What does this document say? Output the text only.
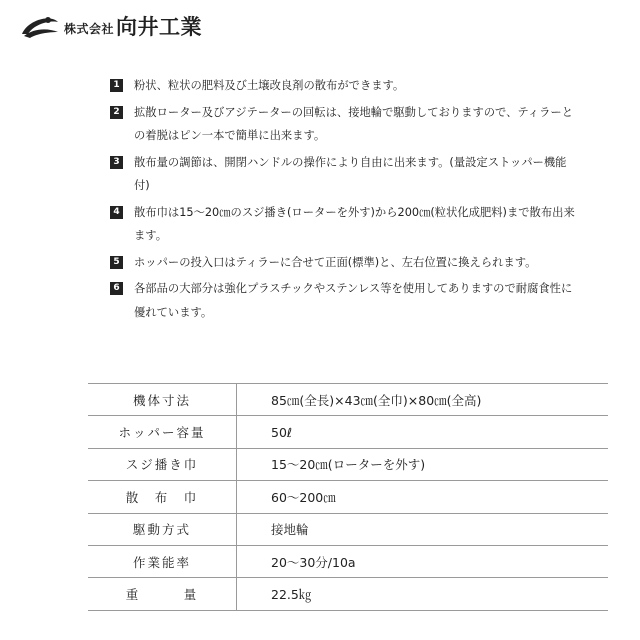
株式会社 向井工業
1 粉状、粒状の肥料及び土壌改良剤の散布ができます。
2 拡散ローター及びアジテーターの回転は、接地輪で駆動しておりますので、ティラーとの着脱はピン一本で簡単に出来ます。
3 散布量の調節は、開閉ハンドルの操作により自由に出来ます。(量設定ストッパー機能付)
4 散布巾は15～20㎝のスジ播き(ローターを外す)から200㎝(粒状化成肥料)まで散布出来ます。
5 ホッパーの投入口はティラーに合せて正面(標準)と、左右位置に換えられます。
6 各部品の大部分は強化プラスチックやステンレス等を使用してありますので耐腐食性に優れています。
機体寸法	85㎝(全長)×43㎝(全巾)×80㎝(全高)
ホッパー容量	50ℓ
スジ播き巾	15～20㎝(ローターを外す)
散　布　巾	60～200㎝
駆動方式	接地輪
作業能率	20～30分/10a
重　　　量	22.5㎏
